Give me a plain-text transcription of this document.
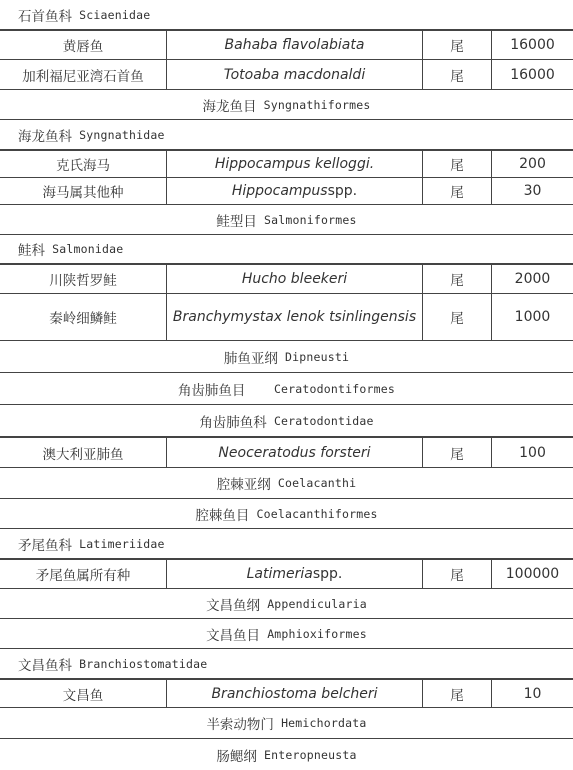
石首鱼科
Sciaenidae
黄唇鱼	Bahaba flavolabiata	尾	16000
加利福尼亚湾石首鱼	Totoaba macdonaldi	尾	16000
海龙鱼目
Syngnathiformes
海龙鱼科
Syngnathidae
克氏海马	Hippocampus kelloggi.	尾	200
海马属其他种	Hippocampus spp.	尾	30
鲑型目
Salmoniformes
鲑科
Salmonidae
川陕哲罗鲑	Hucho bleekeri	尾	2000
秦岭细鳞鲑	Branchymystax lenok tsinlingensis	尾	1000
肺鱼亚纲
Dipneusti
角齿肺鱼目
Ceratodontiformes
角齿肺鱼科
Ceratodontidae
澳大利亚肺鱼	Neoceratodus forsteri	尾	100
腔棘亚纲
Coelacanthi
腔棘鱼目
Coelacanthiformes
矛尾鱼科
Latimeriidae
矛尾鱼属所有种	Latimeria spp.	尾	100000
文昌鱼纲
Appendicularia
文昌鱼目
Amphioxiformes
文昌鱼科
Branchiostomatidae
文昌鱼	Branchiostoma belcheri	尾	10
半索动物门
Hemichordata
肠鳃纲
Enteropneusta
